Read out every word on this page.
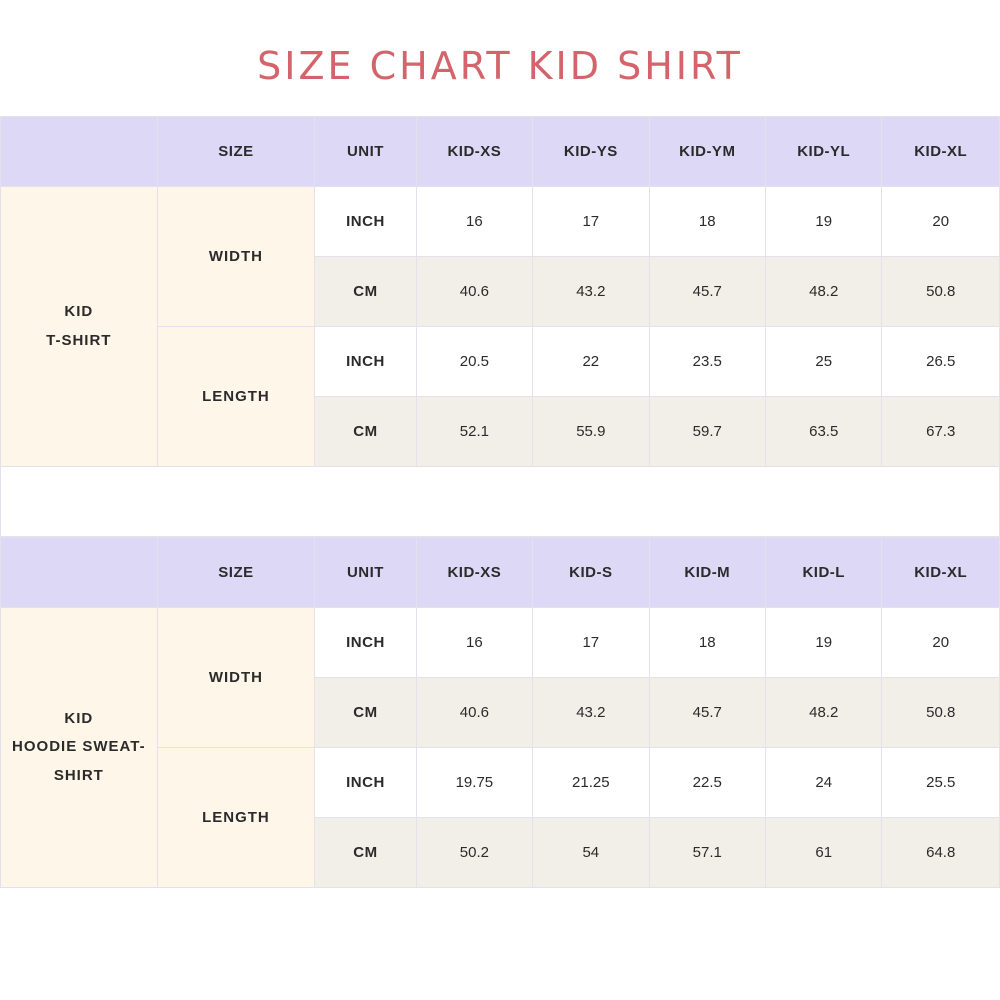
SIZE CHART KID SHIRT
	SIZE	UNIT	KID-XS	KID-YS	KID-YM	KID-YL	KID-XL

KID
T-SHIRT	WIDTH	INCH	16	17	18	19	20
		CM	40.6	43.2	45.7	48.2	50.8
	LENGTH	INCH	20.5	22	23.5	25	26.5
		CM	52.1	55.9	59.7	63.5	67.3

	SIZE	UNIT	KID-XS	KID-S	KID-M	KID-L	KID-XL

KID
HOODIE SWEAT-SHIRT	WIDTH	INCH	16	17	18	19	20
		CM	40.6	43.2	45.7	48.2	50.8
	LENGTH	INCH	19.75	21.25	22.5	24	25.5
		CM	50.2	54	57.1	61	64.8
